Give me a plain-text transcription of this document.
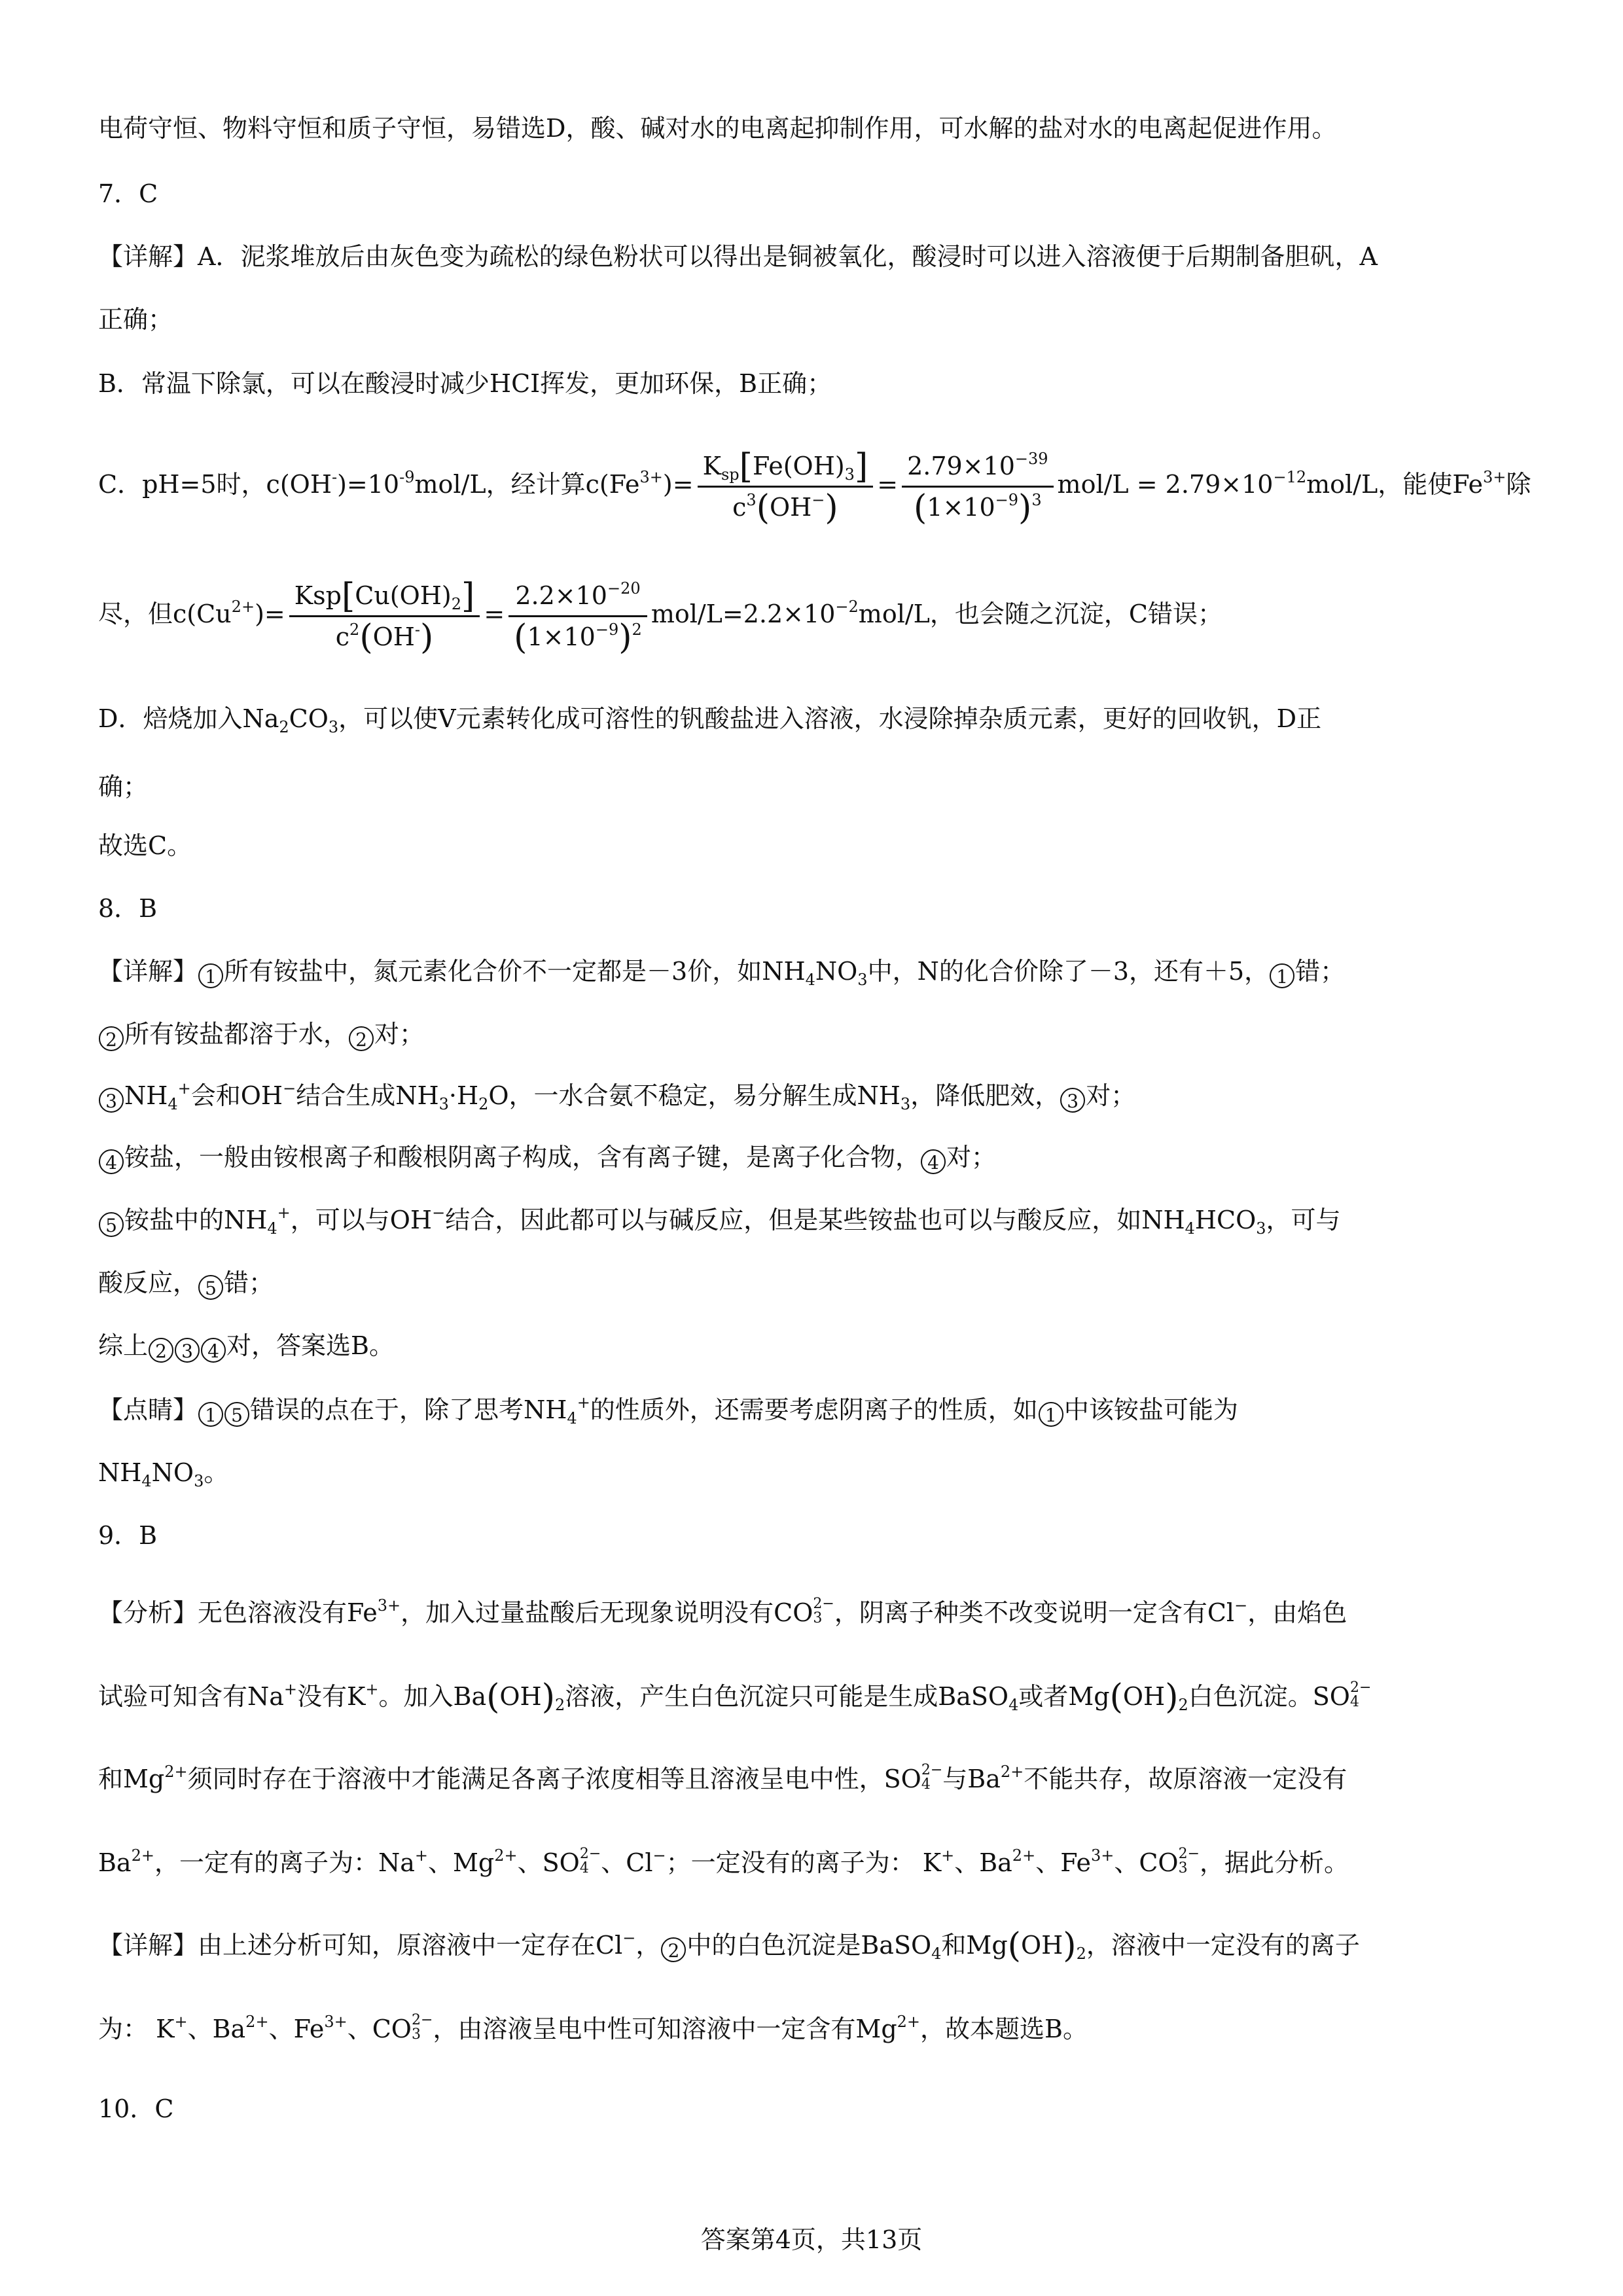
电荷守恒、物料守恒和质子守恒，易错选D，酸、碱对水的电离起抑制作用，可水解的盐对水的电离起促进作用。
7．C
【详解】A．泥浆堆放后由灰色变为疏松的绿色粉状可以得出是铜被氧化，酸浸时可以进入溶液便于后期制备胆矾，A
正确；
B．常温下除氯，可以在酸浸时减少HCI挥发，更加环保，B正确；
C．pH=5时，$c(OH^-)=10^{-9}mol/L$，经计算$c(Fe^{3+})= \frac{K_{sp}[Fe(OH)_3]}{c^3(OH^-)} = \frac{2.79\times 10^{-39}}{(1\times 10^{-9})^3} mol/L = 2.79\times 10^{-12}mol/L$，能使$Fe^{3+}$除
尽，但$c(Cu^{2+})= \frac{Ksp[Cu(OH)_2]}{c^2(OH^-)} = \frac{2.2\times 10^{-20}}{(1\times 10^{-9})^2} mol/L=2.2\times 10^{-2}mol/L$，也会随之沉淀，C错误；
D．焙烧加入$Na_2CO_3$，可以使V元素转化成可溶性的钒酸盐进入溶液，水浸除掉杂质元素，更好的回收钒，D正
确；
故选C。
8．B
【详解】 1 所有铵盐中，氮元素化合价不一定都是－3价，如$NH_4NO_3$中，N的化合价除了－3，还有＋5， 1 错；
2 所有铵盐都溶于水， 2 对；
3 $NH_4^+$会和OH−结合生成$NH_3\cdot H_2O$，一水合氨不稳定，易分解生成$NH_3$，降低肥效， 3 对；
4 铵盐，一般由铵根离子和酸根阴离子构成，含有离子键，是离子化合物， 4 对；
5 铵盐中的$NH_4^+$，可以与OH−结合，因此都可以与碱反应，但是某些铵盐也可以与酸反应，如$NH_4HCO_3$，可与
酸反应， 5 错；
综上 2 3 4 对，答案选B。
【点睛】 1 5 错误的点在于，除了思考$NH_4^+$的性质外，还需要考虑阴离子的性质，如 1 中该铵盐可能为
$NH_4NO_3$。
9．B
【分析】无色溶液没有$Fe^{3+}$，加入过量盐酸后无现象说明没有CO 2−
3 ，阴离子种类不改变说明一定含有Cl−，由焰色
试验可知含有Na+没有K+。加入$Ba(OH)_2$溶液，产生白色沉淀只可能是生成BaSO$_4$或者$Mg(OH)_2$白色沉淀。SO 2−
4
和$Mg^{2+}$须同时存在于溶液中才能满足各离子浓度相等且溶液呈电中性，SO 2−
4 与$Ba^{2+}$不能共存，故原溶液一定没有
$Ba^{2+}$，一定有的离子为：Na+、$Mg^{2+}$、SO 2−
4 、Cl−；一定没有的离子为： K+、$Ba^{2+}$、$Fe^{3+}$、CO 2−
3 ，据此分析。
【详解】由上述分析可知，原溶液中一定存在Cl−， 2 中的白色沉淀是BaSO$_4$和$Mg(OH)_2$，溶液中一定没有的离子
为： K+、$Ba^{2+}$、$Fe^{3+}$、CO 2−
3 ，由溶液呈电中性可知溶液中一定含有$Mg^{2+}$，故本题选B。
10．C
答案第4页，共13页
